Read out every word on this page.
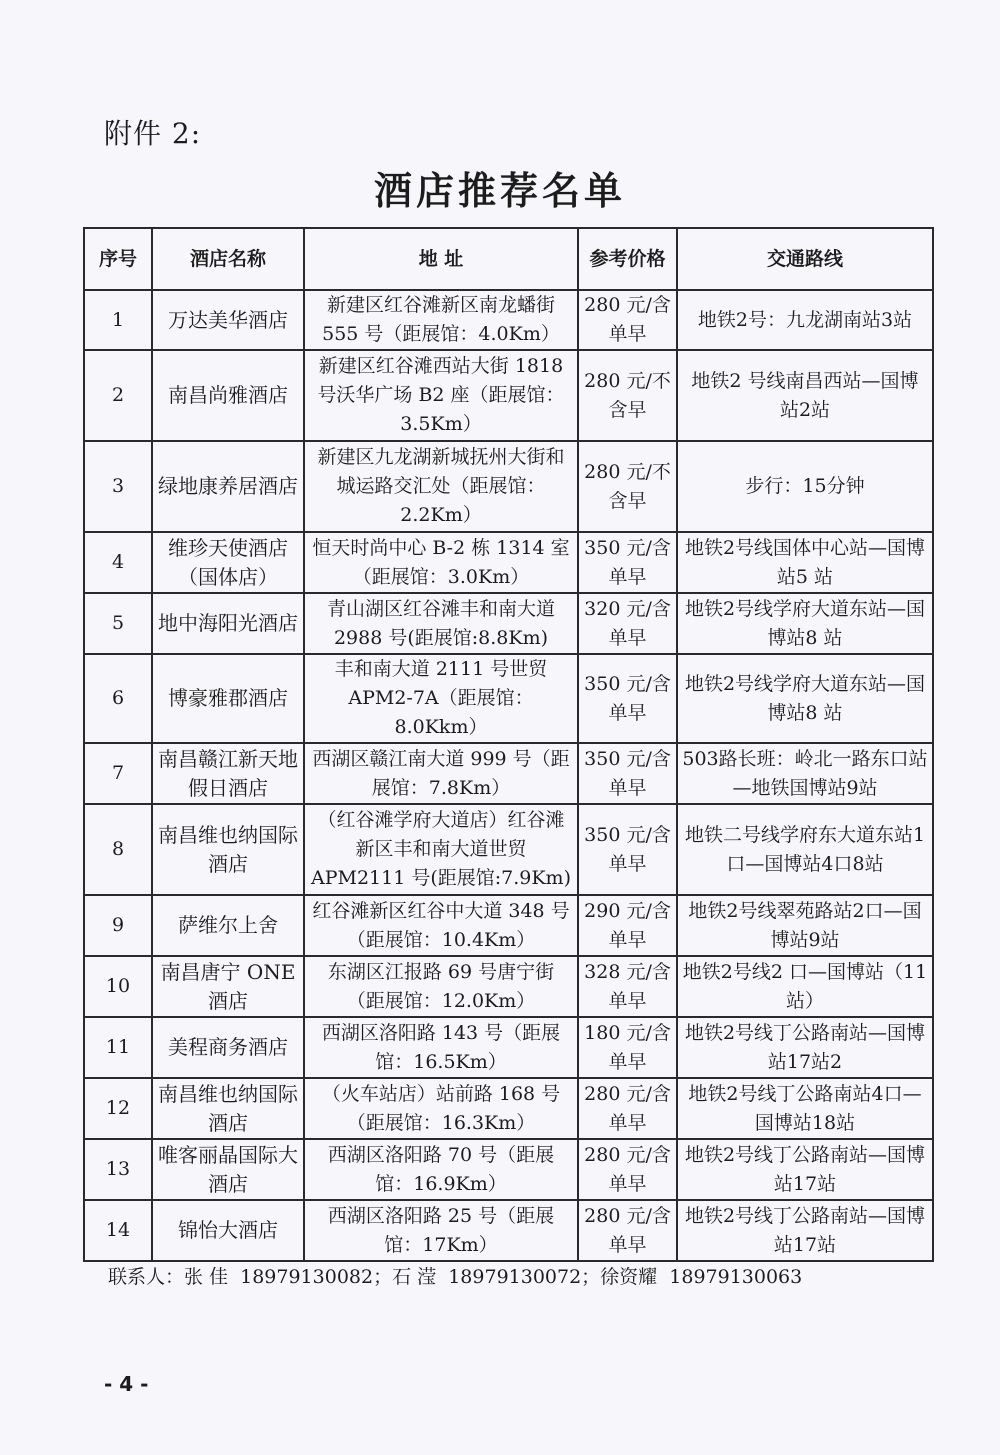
附件 2:
酒店推荐名单
序号	酒店名称	地 址	参考价格	交通路线
1	万达美华酒店	新建区红谷滩新区南龙蟠街 555 号（距展馆：4.0Km）	280 元/含单早	地铁2号：九龙湖南站3站
2	南昌尚雅酒店	新建区红谷滩西站大街 1818 号沃华广场 B2 座（距展馆：3.5Km）	280 元/不含早	地铁2 号线南昌西站—国博站2站
3	绿地康养居酒店	新建区九龙湖新城抚州大街和城运路交汇处（距展馆：2.2Km）	280 元/不含早	步行：15分钟
4	维珍天使酒店（国体店）	恒天时尚中心 B-2 栋 1314 室（距展馆：3.0Km）	350 元/含单早	地铁2号线国体中心站—国博站5 站
5	地中海阳光酒店	青山湖区红谷滩丰和南大道 2988 号(距展馆:8.8Km)	320 元/含单早	地铁2号线学府大道东站—国博站8 站
6	博豪雅郡酒店	丰和南大道 2111 号世贸 APM2-7A（距展馆：8.0Kkm）	350 元/含单早	地铁2号线学府大道东站—国博站8 站
7	南昌赣江新天地假日酒店	西湖区赣江南大道 999 号（距展馆：7.8Km）	350 元/含单早	503路长班：岭北一路东口站—地铁国博站9站
8	南昌维也纳国际酒店	（红谷滩学府大道店）红谷滩新区丰和南大道世贸 APM2111 号(距展馆:7.9Km)	350 元/含单早	地铁二号线学府东大道东站1口—国博站4口8站
9	萨维尔上舍	红谷滩新区红谷中大道 348 号（距展馆：10.4Km）	290 元/含单早	地铁2号线翠苑路站2口—国博站9站
10	南昌唐宁 ONE 酒店	东湖区江报路 69 号唐宁街（距展馆：12.0Km）	328 元/含单早	地铁2号线2 口—国博站（11站）
11	美程商务酒店	西湖区洛阳路 143 号（距展馆：16.5Km）	180 元/含单早	地铁2号线丁公路南站—国博站17站2
12	南昌维也纳国际酒店	（火车站店）站前路 168 号（距展馆：16.3Km）	280 元/含单早	地铁2号线丁公路南站4口—国博站18站
13	唯客丽晶国际大酒店	西湖区洛阳路 70 号（距展馆：16.9Km）	280 元/含单早	地铁2号线丁公路南站—国博站17站
14	锦怡大酒店	西湖区洛阳路 25 号（距展馆：17Km）	280 元/含单早	地铁2号线丁公路南站—国博站17站
联系人：张 佳  18979130082；石 滢  18979130072；徐资耀  18979130063
- 4 -
